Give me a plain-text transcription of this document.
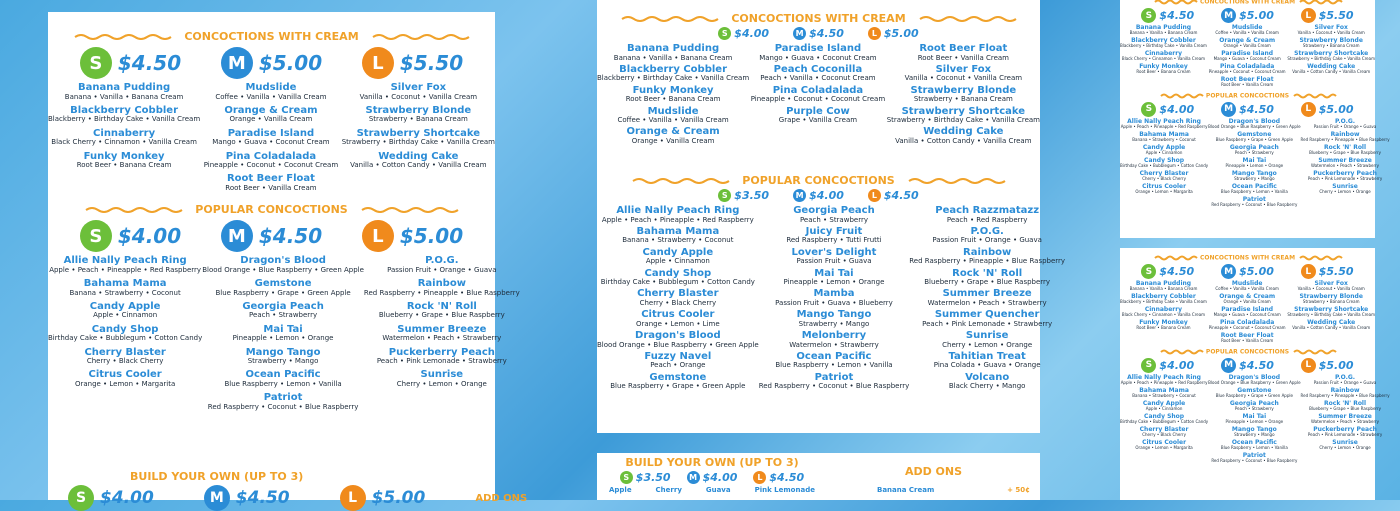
CONCOCTIONS WITH CREAM
S $4.50	M $5.00	L $5.50
Banana Pudding
Banana • Vanilla • Banana Cream
Blackberry Cobbler
Blackberry • Birthday Cake • Vanilla Cream
Cinnaberry
Black Cherry • Cinnamon • Vanilla Cream
Funky Monkey
Root Beer • Banana Cream
Mudslide
Coffee • Vanilla • Vanilla Cream
Orange & Cream
Orange • Vanilla Cream
Paradise Island
Mango • Guava • Coconut Cream
Pina Coladalada
Pineapple • Coconut • Coconut Cream
Root Beer Float
Root Beer • Vanilla Cream
Silver Fox
Vanilla • Coconut • Vanilla Cream
Strawberry Blonde
Strawberry • Banana Cream
Strawberry Shortcake
Strawberry • Birthday Cake • Vanilla Cream
Wedding Cake
Vanilla • Cotton Candy • Vanilla Cream
POPULAR CONCOCTIONS
S $4.00	M $4.50	L $5.00
Allie Nally Peach Ring
Apple • Peach • Pineapple • Red Raspberry
Bahama Mama
Banana • Strawberry • Coconut
Candy Apple
Apple • Cinnamon
Candy Shop
Birthday Cake • Bubblegum • Cotton Candy
Cherry Blaster
Cherry • Black Cherry
Citrus Cooler
Orange • Lemon • Margarita
Dragon's Blood
Blood Orange • Blue Raspberry • Green Apple
Gemstone
Blue Raspberry • Grape • Green Apple
Georgia Peach
Peach • Strawberry
Mai Tai
Pineapple • Lemon • Orange
Mango Tango
Strawberry • Mango
Ocean Pacific
Blue Raspberry • Lemon • Vanilla
Patriot
Red Raspberry • Coconut • Blue Raspberry
P.O.G.
Passion Fruit • Orange • Guava
Rainbow
Red Raspberry • Pineapple • Blue Raspberry
Rock 'N' Roll
Blueberry • Grape • Blue Raspberry
Summer Breeze
Watermelon • Peach • Strawberry
Puckerberry Peach
Peach • Pink Lemonade • Strawberry
Sunrise
Cherry • Lemon • Orange
BUILD YOUR OWN (UP TO 3)
S $4.00	M $4.50	L $5.00	ADD ONS
CONCOCTIONS WITH CREAM
S $4.00	M $4.50	L $5.00
Banana Pudding
Banana • Vanilla • Banana Cream
Blackberry Cobbler
Blackberry • Birthday Cake • Vanilla Cream
Funky Monkey
Root Beer • Banana Cream
Mudslide
Coffee • Vanilla • Vanilla Cream
Orange & Cream
Orange • Vanilla Cream
Paradise Island
Mango • Guava • Coconut Cream
Peach Coconilla
Peach • Vanilla • Coconut Cream
Pina Coladalada
Pineapple • Coconut • Coconut Cream
Purple Cow
Grape • Vanilla Cream
Root Beer Float
Root Beer • Vanilla Cream
Silver Fox
Vanilla • Coconut • Vanilla Cream
Strawberry Blonde
Strawberry • Banana Cream
Strawberry Shortcake
Strawberry • Birthday Cake • Vanilla Cream
Wedding Cake
Vanilla • Cotton Candy • Vanilla Cream
POPULAR CONCOCTIONS
S $3.50	M $4.00	L $4.50
Allie Nally Peach Ring
Apple • Peach • Pineapple • Red Raspberry
Bahama Mama
Banana • Strawberry • Coconut
Candy Apple
Apple • Cinnamon
Candy Shop
Birthday Cake • Bubblegum • Cotton Candy
Cherry Blaster
Cherry • Black Cherry
Citrus Cooler
Orange • Lemon • Lime
Dragon's Blood
Blood Orange • Blue Raspberry • Green Apple
Fuzzy Navel
Peach • Orange
Gemstone
Blue Raspberry • Grape • Green Apple
Georgia Peach
Peach • Strawberry
Juicy Fruit
Red Raspberry • Tutti Frutti
Lover's Delight
Passion Fruit • Guava
Mai Tai
Pineapple • Lemon • Orange
Mamba
Passion Fruit • Guava • Blueberry
Mango Tango
Strawberry • Mango
Melonberry
Watermelon • Strawberry
Ocean Pacific
Blue Raspberry • Lemon • Vanilla
Patriot
Red Raspberry • Coconut • Blue Raspberry
Peach Razzmatazz
Peach • Red Raspberry
P.O.G.
Passion Fruit • Orange • Guava
Rainbow
Red Raspberry • Pineapple • Blue Raspberry
Rock 'N' Roll
Blueberry • Grape • Blue Raspberry
Summer Breeze
Watermelon • Peach • Strawberry
Summer Quencher
Peach • Pink Lemonade • Strawberry
Sunrise
Cherry • Lemon • Orange
Tahitian Treat
Pina Colada • Guava • Orange
Volcano
Black Cherry • Mango
BUILD YOUR OWN (UP TO 3)
S $3.50	M $4.00	L $4.50
Apple	Cherry	Guava	Pink Lemonade
ADD ONS
Banana Cream	+ 50¢
CONCOCTIONS WITH CREAM
S $4.50	M $5.00	L $5.50
Banana Pudding
Banana • Vanilla • Banana Cream
Blackberry Cobbler
Blackberry • Birthday Cake • Vanilla Cream
Cinnaberry
Black Cherry • Cinnamon • Vanilla Cream
Funky Monkey
Root Beer • Banana Cream
Mudslide
Coffee • Vanilla • Vanilla Cream
Orange & Cream
Orange • Vanilla Cream
Paradise Island
Mango • Guava • Coconut Cream
Pina Coladalada
Pineapple • Coconut • Coconut Cream
Root Beer Float
Root Beer • Vanilla Cream
Silver Fox
Vanilla • Coconut • Vanilla Cream
Strawberry Blonde
Strawberry • Banana Cream
Strawberry Shortcake
Strawberry • Birthday Cake • Vanilla Cream
Wedding Cake
Vanilla • Cotton Candy • Vanilla Cream
POPULAR CONCOCTIONS
S $4.00	M $4.50	L $5.00
Allie Nally Peach Ring
Apple • Peach • Pineapple • Red Raspberry
Bahama Mama
Banana • Strawberry • Coconut
Candy Apple
Apple • Cinnamon
Candy Shop
Birthday Cake • Bubblegum • Cotton Candy
Cherry Blaster
Cherry • Black Cherry
Citrus Cooler
Orange • Lemon • Margarita
Dragon's Blood
Blood Orange • Blue Raspberry • Green Apple
Gemstone
Blue Raspberry • Grape • Green Apple
Georgia Peach
Peach • Strawberry
Mai Tai
Pineapple • Lemon • Orange
Mango Tango
Strawberry • Mango
Ocean Pacific
Blue Raspberry • Lemon • Vanilla
Patriot
Red Raspberry • Coconut • Blue Raspberry
P.O.G.
Passion Fruit • Orange • Guava
Rainbow
Red Raspberry • Pineapple • Blue Raspberry
Rock 'N' Roll
Blueberry • Grape • Blue Raspberry
Summer Breeze
Watermelon • Peach • Strawberry
Puckerberry Peach
Peach • Pink Lemonade • Strawberry
Sunrise
Cherry • Lemon • Orange
CONCOCTIONS WITH CREAM
S $4.50	M $5.00	L $5.50
Banana Pudding
Banana • Vanilla • Banana Cream
Blackberry Cobbler
Blackberry • Birthday Cake • Vanilla Cream
Cinnaberry
Black Cherry • Cinnamon • Vanilla Cream
Funky Monkey
Root Beer • Banana Cream
Mudslide
Coffee • Vanilla • Vanilla Cream
Orange & Cream
Orange • Vanilla Cream
Paradise Island
Mango • Guava • Coconut Cream
Pina Coladalada
Pineapple • Coconut • Coconut Cream
Root Beer Float
Root Beer • Vanilla Cream
Silver Fox
Vanilla • Coconut • Vanilla Cream
Strawberry Blonde
Strawberry • Banana Cream
Strawberry Shortcake
Strawberry • Birthday Cake • Vanilla Cream
Wedding Cake
Vanilla • Cotton Candy • Vanilla Cream
POPULAR CONCOCTIONS
S $4.00	M $4.50	L $5.00
Allie Nally Peach Ring
Apple • Peach • Pineapple • Red Raspberry
Bahama Mama
Banana • Strawberry • Coconut
Candy Apple
Apple • Cinnamon
Candy Shop
Birthday Cake • Bubblegum • Cotton Candy
Cherry Blaster
Cherry • Black Cherry
Citrus Cooler
Orange • Lemon • Margarita
Dragon's Blood
Blood Orange • Blue Raspberry • Green Apple
Gemstone
Blue Raspberry • Grape • Green Apple
Georgia Peach
Peach • Strawberry
Mai Tai
Pineapple • Lemon • Orange
Mango Tango
Strawberry • Mango
Ocean Pacific
Blue Raspberry • Lemon • Vanilla
Patriot
Red Raspberry • Coconut • Blue Raspberry
P.O.G.
Passion Fruit • Orange • Guava
Rainbow
Red Raspberry • Pineapple • Blue Raspberry
Rock 'N' Roll
Blueberry • Grape • Blue Raspberry
Summer Breeze
Watermelon • Peach • Strawberry
Puckerberry Peach
Peach • Pink Lemonade • Strawberry
Sunrise
Cherry • Lemon • Orange
